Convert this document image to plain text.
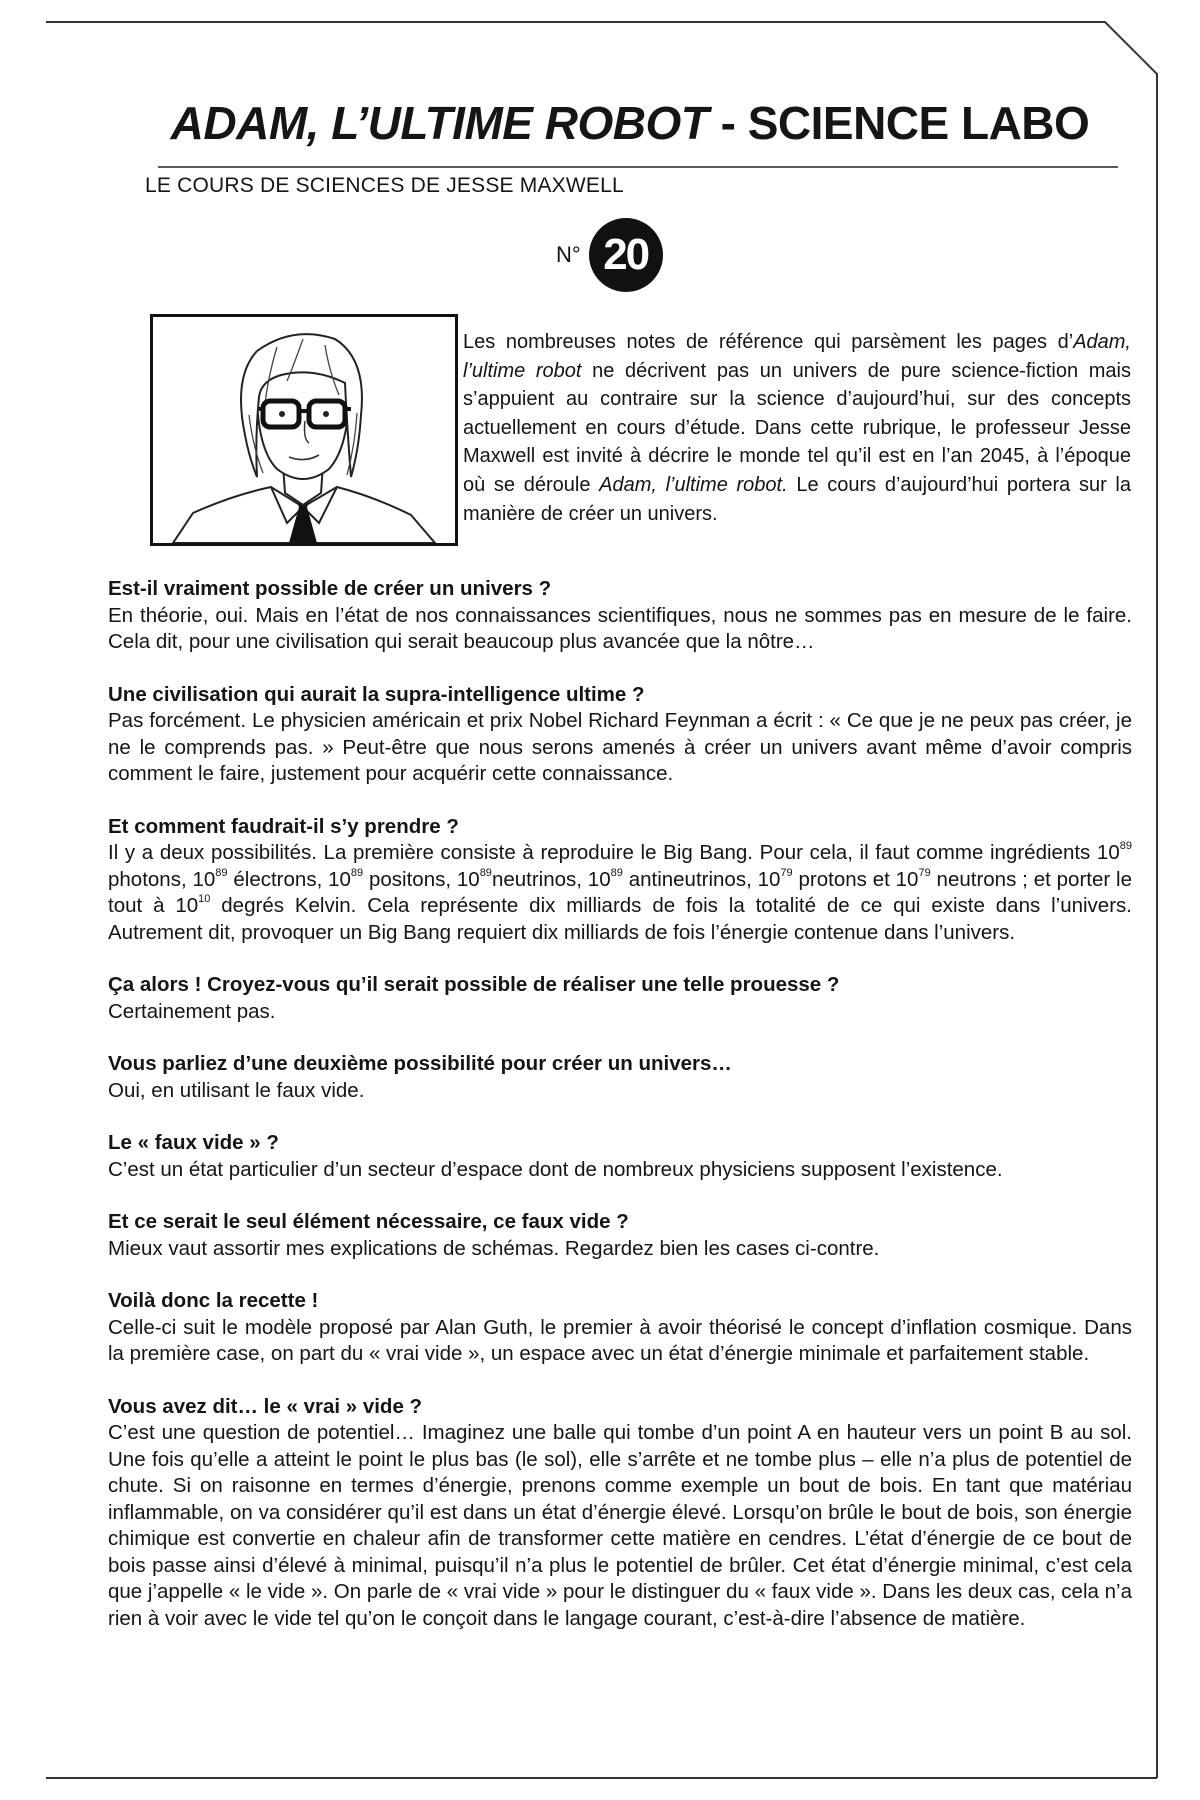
ADAM, L’ULTIME ROBOT - SCIENCE LABO
LE COURS DE SCIENCES DE JESSE MAXWELL
N° 20
Les nombreuses notes de référence qui parsèment les pages d’Adam, l’ultime robot ne décrivent pas un univers de pure science-fiction mais s’appuient au contraire sur la science d’aujourd’hui, sur des concepts actuellement en cours d’étude. Dans cette rubrique, le professeur Jesse Maxwell est invité à décrire le monde tel qu’il est en l’an 2045, à l’époque où se déroule Adam, l’ultime robot. Le cours d’aujourd’hui portera sur la manière de créer un univers.
Est-il vraiment possible de créer un univers ?
En théorie, oui. Mais en l’état de nos connaissances scientifiques, nous ne sommes pas en mesure de le faire. Cela dit, pour une civilisation qui serait beaucoup plus avancée que la nôtre…
Une civilisation qui aurait la supra-intelligence ultime ?
Pas forcément. Le physicien américain et prix Nobel Richard Feynman a écrit : « Ce que je ne peux pas créer, je ne le comprends pas. » Peut-être que nous serons amenés à créer un univers avant même d’avoir compris comment le faire, justement pour acquérir cette connaissance.
Et comment faudrait-il s’y prendre ?
Il y a deux possibilités. La première consiste à reproduire le Big Bang. Pour cela, il faut comme ingrédients $10^{89}$ photons, $10^{89}$ électrons, $10^{89}$ positons, $10^{89}neutrinos$, $10^{89}$ antineutrinos, $10^{79}$ protons et $10^{79}$ neutrons ; et porter le tout à $10^{10}$ degrés Kelvin. Cela représente dix milliards de fois la totalité de ce qui existe dans l’univers. Autrement dit, provoquer un Big Bang requiert dix milliards de fois l’énergie contenue dans l’univers.
Ça alors ! Croyez-vous qu’il serait possible de réaliser une telle prouesse ?
Certainement pas.
Vous parliez d’une deuxième possibilité pour créer un univers…
Oui, en utilisant le faux vide.
Le « faux vide » ?
C’est un état particulier d’un secteur d’espace dont de nombreux physiciens supposent l’existence.
Et ce serait le seul élément nécessaire, ce faux vide ?
Mieux vaut assortir mes explications de schémas. Regardez bien les cases ci-contre.
Voilà donc la recette !
Celle-ci suit le modèle proposé par Alan Guth, le premier à avoir théorisé le concept d’inflation cosmique. Dans la première case, on part du « vrai vide », un espace avec un état d’énergie minimale et parfaitement stable.
Vous avez dit… le « vrai » vide ?
C’est une question de potentiel… Imaginez une balle qui tombe d’un point A en hauteur vers un point B au sol. Une fois qu’elle a atteint le point le plus bas (le sol), elle s’arrête et ne tombe plus – elle n’a plus de potentiel de chute. Si on raisonne en termes d’énergie, prenons comme exemple un bout de bois. En tant que matériau inflammable, on va considérer qu’il est dans un état d’énergie élevé. Lorsqu’on brûle le bout de bois, son énergie chimique est convertie en chaleur afin de transformer cette matière en cendres. L’état d’énergie de ce bout de bois passe ainsi d’élevé à minimal, puisqu’il n’a plus le potentiel de brûler. Cet état d’énergie minimal, c’est cela que j’appelle « le vide ». On parle de « vrai vide » pour le distinguer du « faux vide ». Dans les deux cas, cela n’a rien à voir avec le vide tel qu’on le conçoit dans le langage courant, c’est-à-dire l’absence de matière.
